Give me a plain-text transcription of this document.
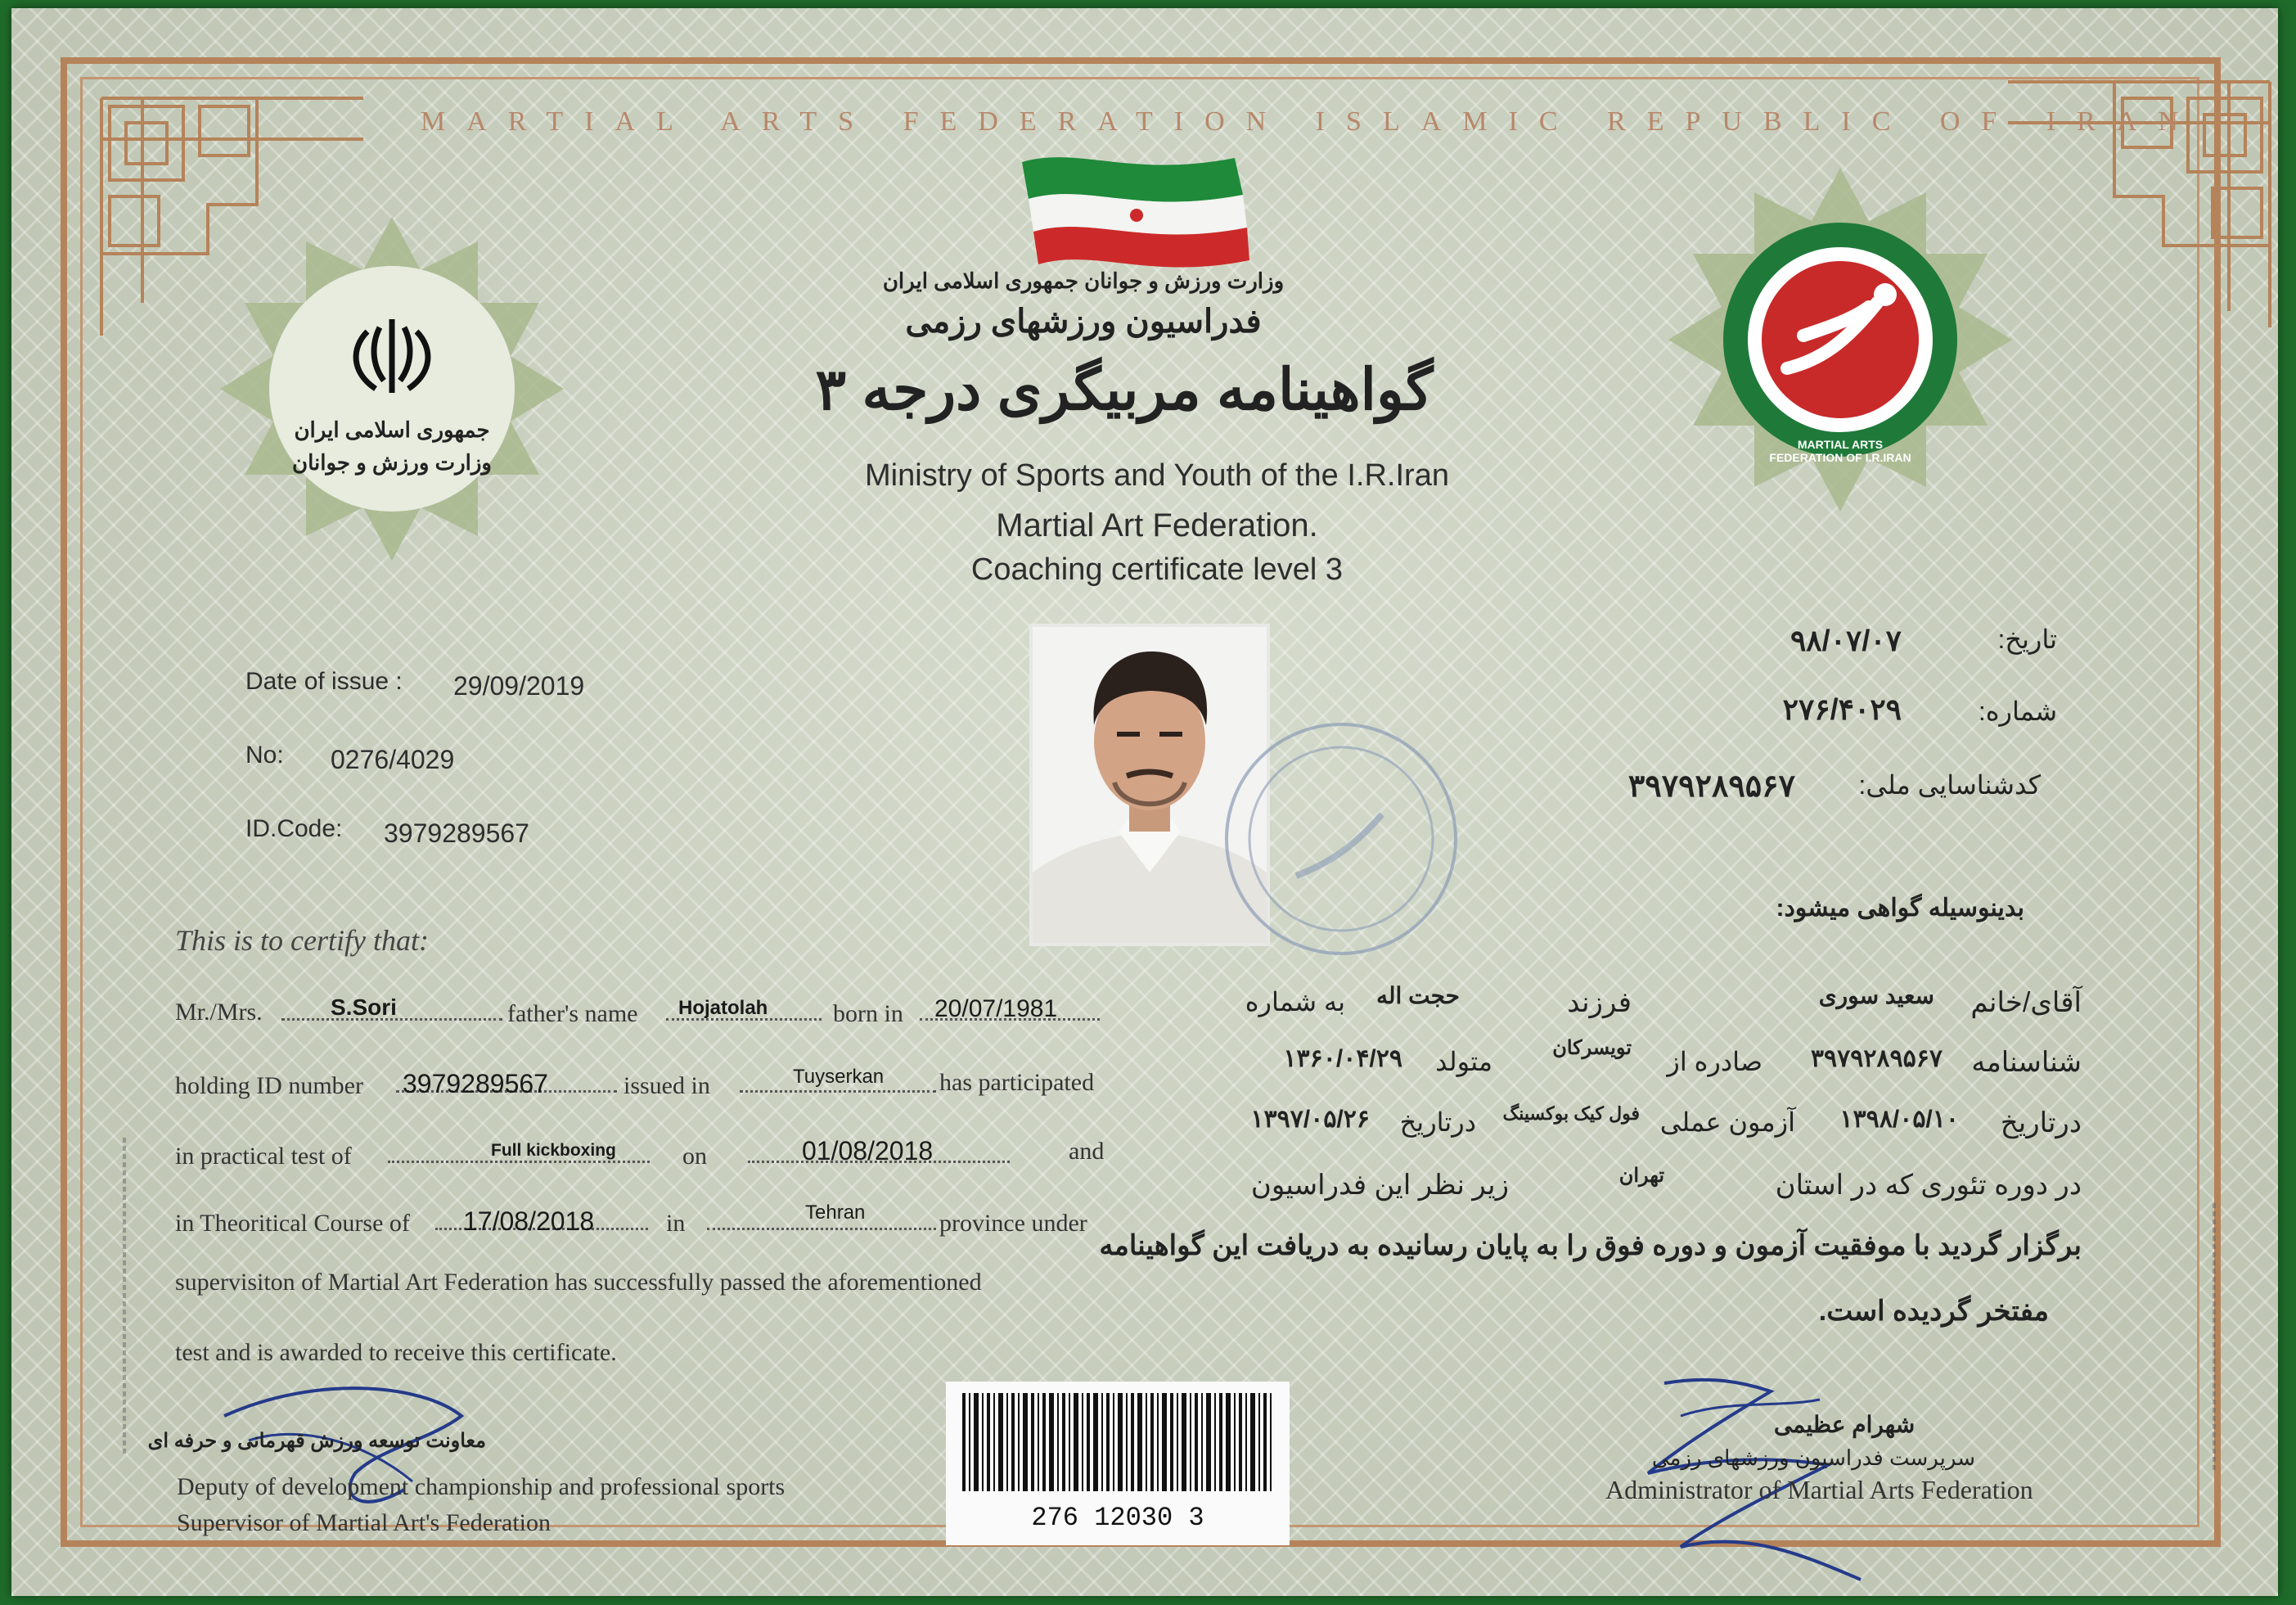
MARTIAL ARTS FEDERATION ISLAMIC REPUBLIC OF IRAN
جمهوری اسلامی ایران
وزارت ورزش و جوانان
MARTIAL ARTS FEDERATION OF I.R.IRAN
وزارت ورزش و جوانان جمهوری اسلامی ایران
فدراسیون ورزشهای رزمی
گواهینامه مربیگری درجه ۳
Ministry of Sports and Youth of the I.R.Iran
Martial Art Federation.
Coaching certificate level 3
Date of issue : 29/09/2019
No: 0276/4029
ID.Code: 3979289567
تاریخ:
۹۸/۰۷/۰۷
شماره:
۲۷۶/۴۰۲۹
کدشناسایی ملی:
۳۹۷۹۲۸۹۵۶۷
This is to certify that:
Mr./Mrs.	S.Sori	father's name Hojatolah	born in 20/07/1981
holding ID number 3979289567	issued in	Tuyserkan has participated
in practical test of	Full kickboxing	on	01/08/2018	and
in Theoritical Course of 17/08/2018	in	Tehran	province under
supervisiton of Martial Art Federation has successfully passed the aforementioned
test and is awarded to receive this certificate.
بدینوسیله گواهی میشود:
آقای/خانم
سعید سوری
فرزند
حجت اله
به شماره
شناسنامه
۳۹۷۹۲۸۹۵۶۷
صادره از
تویسرکان
متولد
۱۳۶۰/۰۴/۲۹
درتاریخ
۱۳۹۸/۰۵/۱۰
آزمون عملی
فول کیک بوکسینگ
درتاریخ
۱۳۹۷/۰۵/۲۶
در دوره تئوری که در استان
تهران
زیر نظر این فدراسیون
برگزار گردید با موفقیت آزمون و دوره فوق را به پایان رسانیده به دریافت این گواهینامه
مفتخر گردیده است.
معاونت توسعه ورزش قهرمانی و حرفه ای
Deputy of development championship and professional sports
Supervisor of Martial Art's Federation	276 12030 3
شهرام عظیمی
سرپرست فدراسیون ورزشهای رزمی
Administrator of Martial Arts Federation
